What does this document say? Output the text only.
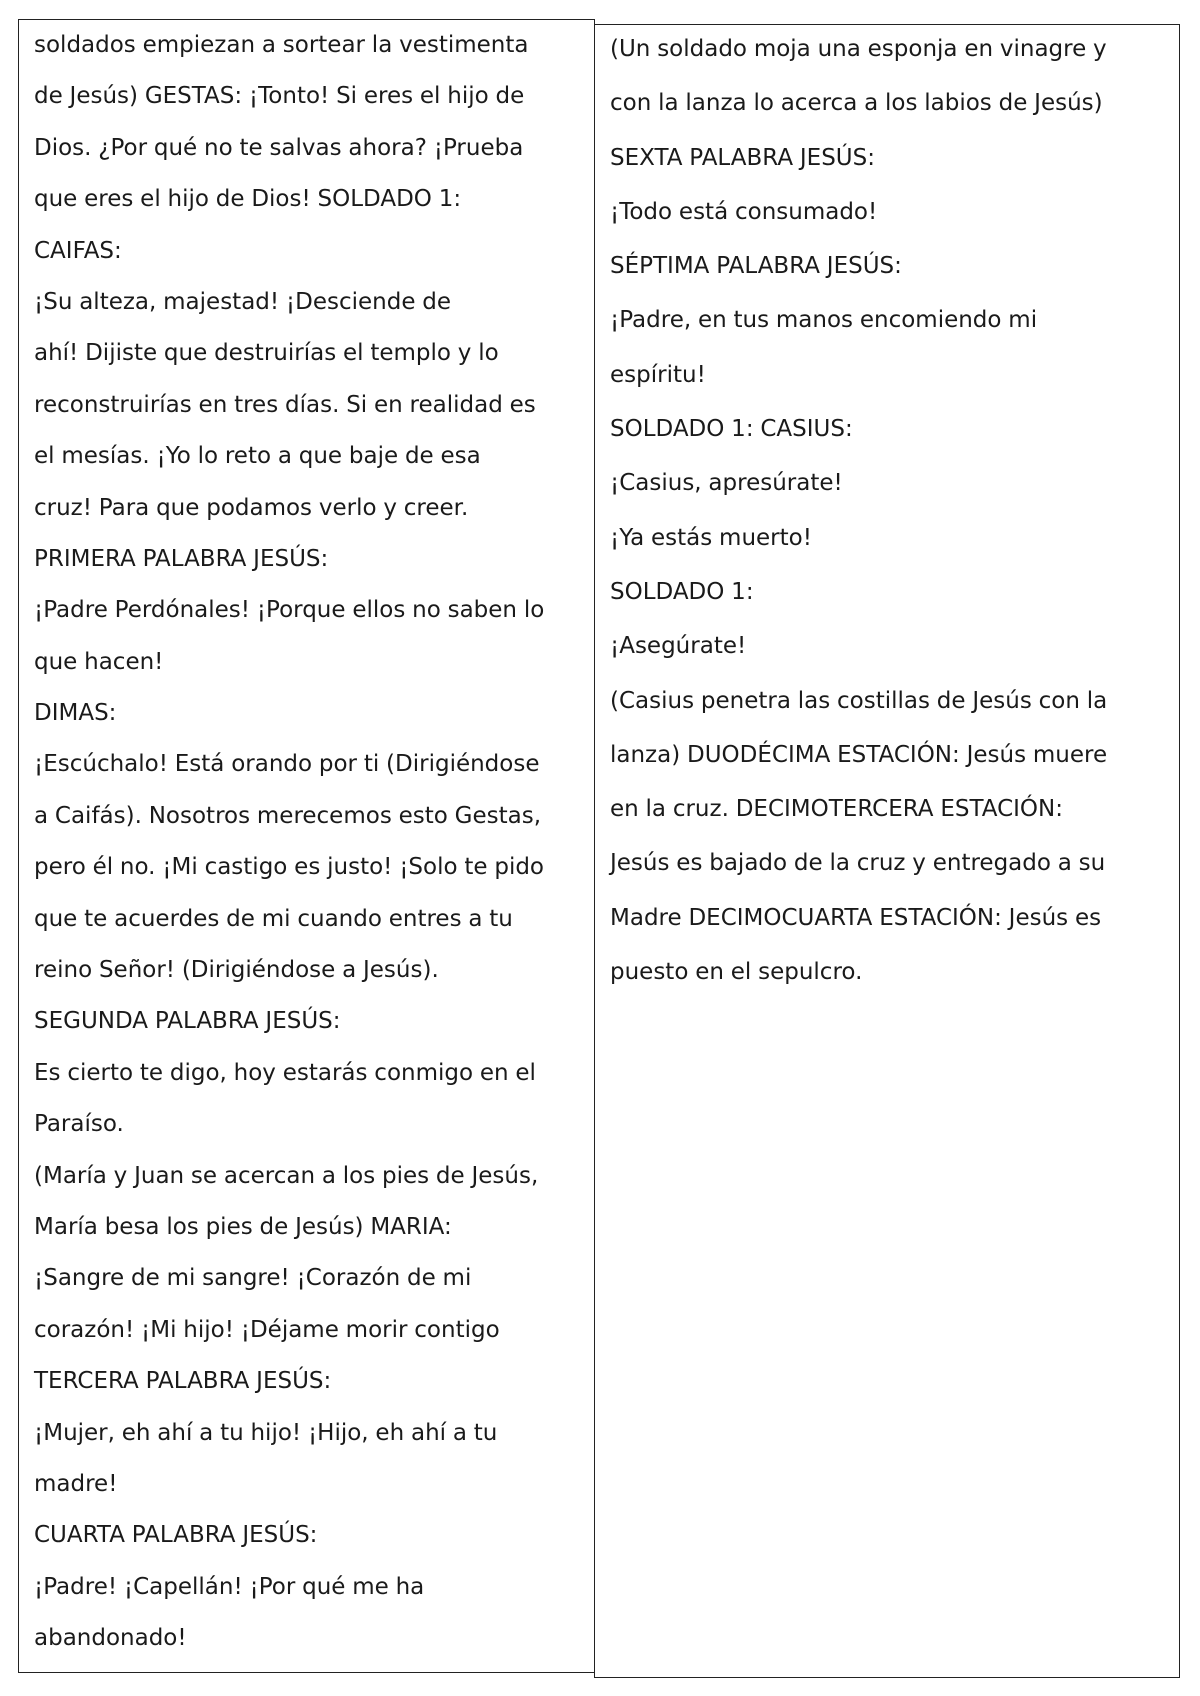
soldados empiezan a sortear la vestimenta
de Jesús) GESTAS: ¡Tonto! Si eres el hijo de
Dios. ¿Por qué no te salvas ahora? ¡Prueba
que eres el hijo de Dios! SOLDADO 1:
CAIFAS:
¡Su alteza, majestad! ¡Desciende de
ahí! Dijiste que destruirías el templo y lo
reconstruirías en tres días. Si en realidad es
el mesías. ¡Yo lo reto a que baje de esa
cruz! Para que podamos verlo y creer.
PRIMERA PALABRA JESÚS:
¡Padre Perdónales! ¡Porque ellos no saben lo
que hacen!
DIMAS:
¡Escúchalo! Está orando por ti (Dirigiéndose
a Caifás). Nosotros merecemos esto Gestas,
pero él no. ¡Mi castigo es justo! ¡Solo te pido
que te acuerdes de mi cuando entres a tu
reino Señor! (Dirigiéndose a Jesús).
SEGUNDA PALABRA JESÚS:
Es cierto te digo, hoy estarás conmigo en el
Paraíso.
(María y Juan se acercan a los pies de Jesús,
María besa los pies de Jesús) MARIA:
¡Sangre de mi sangre! ¡Corazón de mi
corazón! ¡Mi hijo! ¡Déjame morir contigo
TERCERA PALABRA JESÚS:
¡Mujer, eh ahí a tu hijo! ¡Hijo, eh ahí a tu
madre!
CUARTA PALABRA JESÚS:
¡Padre! ¡Capellán! ¡Por qué me ha
abandonado!
(Un soldado moja una esponja en vinagre y
con la lanza lo acerca a los labios de Jesús)
SEXTA PALABRA JESÚS:
¡Todo está consumado!
SÉPTIMA PALABRA JESÚS:
¡Padre, en tus manos encomiendo mi
espíritu!
SOLDADO 1: CASIUS:
¡Casius, apresúrate!
¡Ya estás muerto!
SOLDADO 1:
¡Asegúrate!
(Casius penetra las costillas de Jesús con la
lanza) DUODÉCIMA ESTACIÓN: Jesús muere
en la cruz. DECIMOTERCERA ESTACIÓN:
Jesús es bajado de la cruz y entregado a su
Madre DECIMOCUARTA ESTACIÓN: Jesús es
puesto en el sepulcro.
